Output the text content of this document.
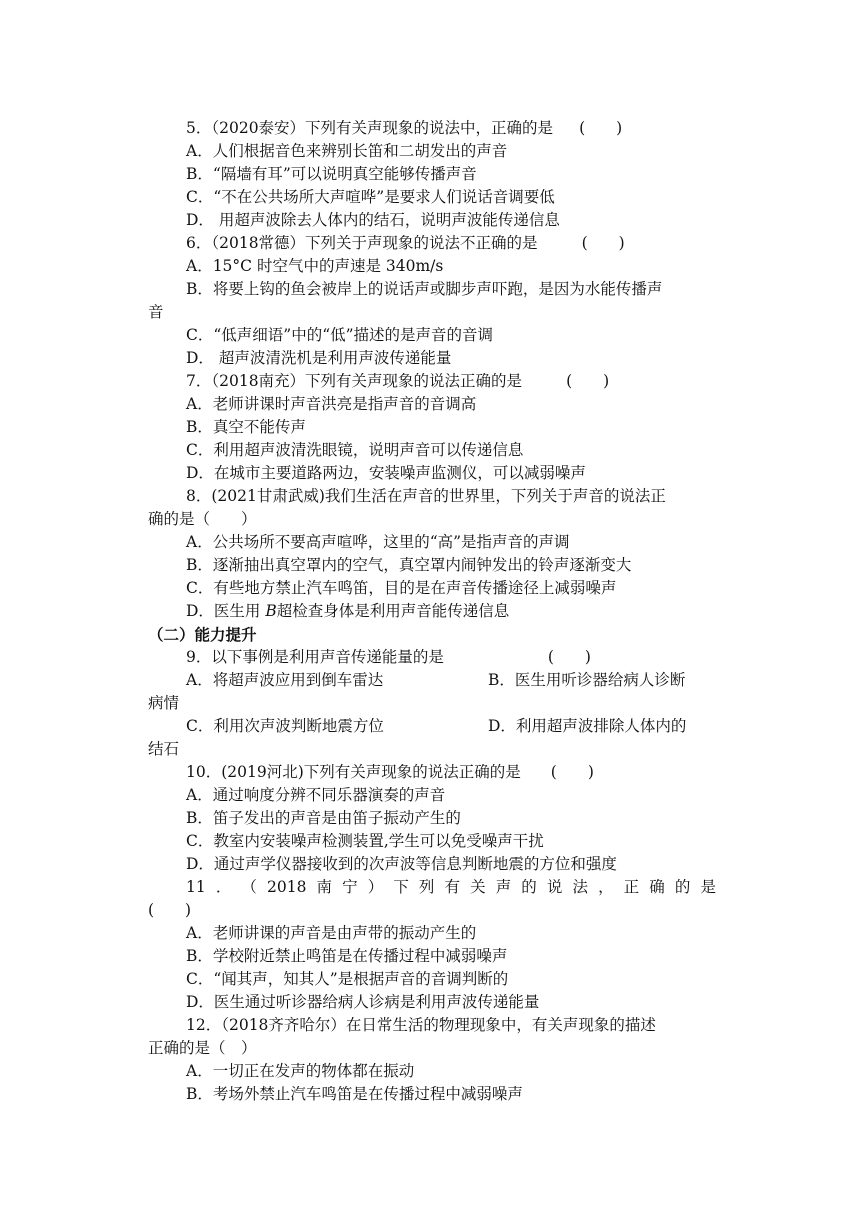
5．（2020泰安）下列有关声现象的说法中，正确的是 (　　)
A．人们根据音色来辨别长笛和二胡发出的声音
B．“隔墙有耳”可以说明真空能够传播声音
C．“不在公共场所大声喧哗”是要求人们说话音调要低
D． 用超声波除去人体内的结石，说明声波能传递信息
6．（2018常德）下列关于声现象的说法不正确的是	(　　)
A．15°C 时空气中的声速是 340m/s
B．将要上钩的鱼会被岸上的说话声或脚步声吓跑，是因为水能传播声
音
C．“低声细语”中的“低”描述的是声音的音调
D． 超声波清洗机是利用声波传递能量
7．（2018南充）下列有关声现象的说法正确的是	(　　)
A．老师讲课时声音洪亮是指声音的音调高
B．真空不能传声
C．利用超声波清洗眼镜，说明声音可以传递信息
D．在城市主要道路两边，安装噪声监测仪，可以减弱噪声
8．(2021甘肃武威)我们生活在声音的世界里，下列关于声音的说法正
确的是（　　）
A．公共场所不要高声喧哗，这里的“高”是指声音的声调
B．逐渐抽出真空罩内的空气，真空罩内闹钟发出的铃声逐渐变大
C．有些地方禁止汽车鸣笛，目的是在声音传播途径上减弱噪声
D．医生用 B超检查身体是利用声音能传递信息
（二）能力提升
9．以下事例是利用声音传递能量的是	(　　)
A．将超声波应用到倒车雷达	B．医生用听诊器给病人诊断
病情
C．利用次声波判断地震方位	D．利用超声波排除人体内的
结石
10．(2019河北)下列有关声现象的说法正确的是 (　　)
A．通过响度分辨不同乐器演奏的声音
B．笛子发出的声音是由笛子振动产生的
C．教室内安装噪声检测装置,学生可以免受噪声干扰
D．通过声学仪器接收到的次声波等信息判断地震的方位和强度
11 ． （ 2018 南 宁 ） 下 列 有 关 声 的 说 法 ， 正 确 的 是
(　　)
A．老师讲课的声音是由声带的振动产生的
B．学校附近禁止鸣笛是在传播过程中减弱噪声
C．“闻其声，知其人”是根据声音的音调判断的
D．医生通过听诊器给病人诊病是利用声波传递能量
12．（2018齐齐哈尔）在日常生活的物理现象中，有关声现象的描述
正确的是（　）
A．一切正在发声的物体都在振动
B．考场外禁止汽车鸣笛是在传播过程中减弱噪声
